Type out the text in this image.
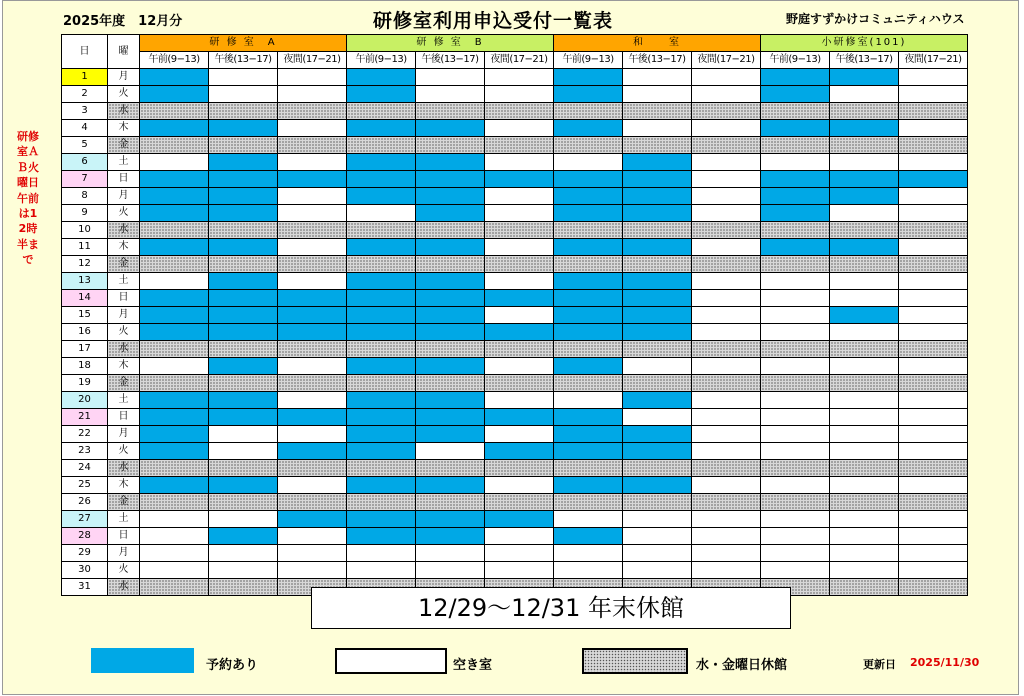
2025年度　12月分	研修室利用申込受付一覧表	野庭すずかけコミュニティハウス
研修室ＡＢ火曜日午前は12時半まで
日	曜	研 修 室　A			研 修 室　B			和　　室			小研修室(101)		
		午前(9−13)	午後(13−17)	夜間(17−21)	午前(9−13)	午後(13−17)	夜間(17−21)	午前(9−13)	午後(13−17)	夜間(17−21)	午前(9−13)	午後(13−17)	夜間(17−21)
1	月												
2	火												
3	水												
4	木												
5	金												
6	土												
7	日												
8	月												
9	火												
10	水												
11	木												
12	金												
13	土												
14	日												
15	月												
16	火												
17	水												
18	木												
19	金												
20	土												
21	日												
22	月												
23	火												
24	水												
25	木												
26	金												
27	土												
28	日												
29	月												
30	火												
31	水												
12/29〜12/31 年末休館
予約あり	空き室	水・金曜日休館	更新日 2025/11/30
